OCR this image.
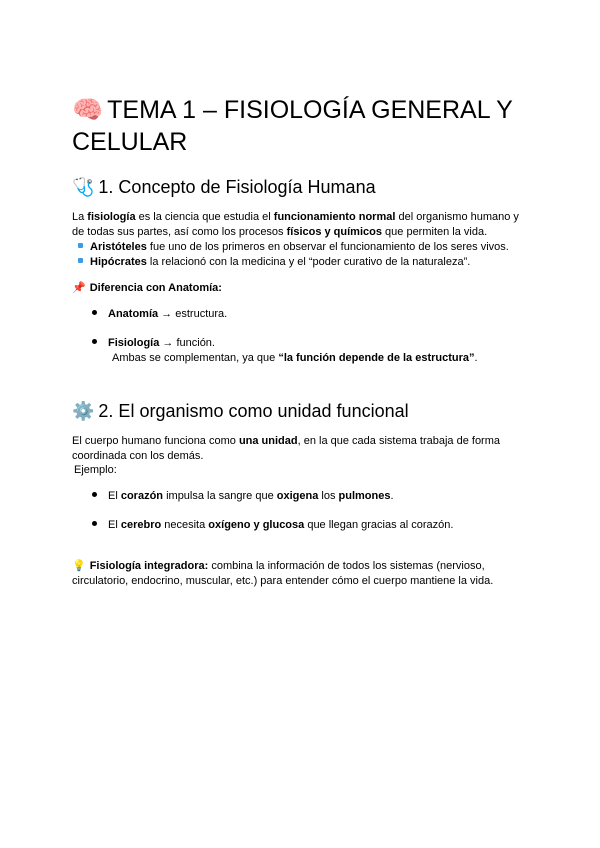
🧠 TEMA 1 – FISIOLOGÍA GENERAL Y CELULAR
🩺 1. Concepto de Fisiología Humana

La fisiología es la ciencia que estudia el funcionamiento normal del organismo humano y de todas sus partes, así como los procesos físicos y químicos que permiten la vida.

Aristóteles fue uno de los primeros en observar el funcionamiento de los seres vivos.
Hipócrates la relacionó con la medicina y el “poder curativo de la naturaleza”.

📌 Diferencia con Anatomía:

Anatomía → estructura.
Fisiología → función.

Ambas se complementan, ya que “la función depende de la estructura”.

⚙️ 2. El organismo como unidad funcional

El cuerpo humano funciona como una unidad, en la que cada sistema trabaja de forma coordinada con los demás.

Ejemplo:

El corazón impulsa la sangre que oxigena los pulmones.
El cerebro necesita oxígeno y glucosa que llegan gracias al corazón.

💡 Fisiología integradora: combina la información de todos los sistemas (nervioso, circulatorio, endocrino, muscular, etc.) para entender cómo el cuerpo mantiene la vida.
